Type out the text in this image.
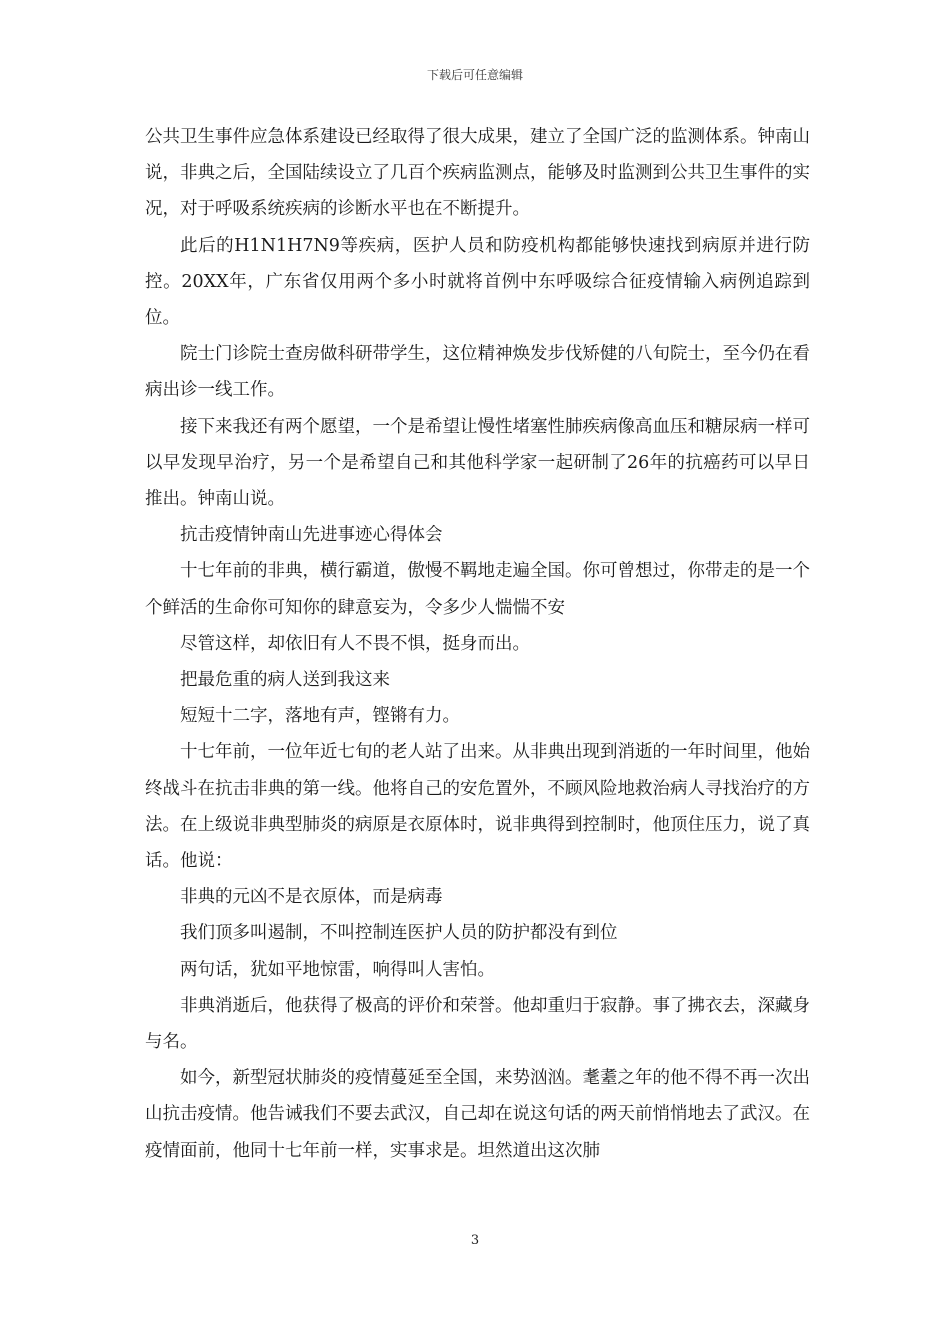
下载后可任意编辑

公共卫生事件应急体系建设已经取得了很大成果，建立了全国广泛的监测体系。钟南山说，非典之后，全国陆续设立了几百个疾病监测点，能够及时监测到公共卫生事件的实况，对于呼吸系统疾病的诊断水平也在不断提升。

此后的H1N1H7N9等疾病，医护人员和防疫机构都能够快速找到病原并进行防控。20XX年，广东省仅用两个多小时就将首例中东呼吸综合征疫情输入病例追踪到位。

院士门诊院士查房做科研带学生，这位精神焕发步伐矫健的八旬院士，至今仍在看病出诊一线工作。

接下来我还有两个愿望，一个是希望让慢性堵塞性肺疾病像高血压和糖尿病一样可以早发现早治疗，另一个是希望自己和其他科学家一起研制了26年的抗癌药可以早日推出。钟南山说。

抗击疫情钟南山先进事迹心得体会

十七年前的非典，横行霸道，傲慢不羁地走遍全国。你可曾想过，你带走的是一个个鲜活的生命你可知你的肆意妄为，令多少人惴惴不安

尽管这样，却依旧有人不畏不惧，挺身而出。

把最危重的病人送到我这来

短短十二字，落地有声，铿锵有力。

十七年前，一位年近七旬的老人站了出来。从非典出现到消逝的一年时间里，他始终战斗在抗击非典的第一线。他将自己的安危置外，不顾风险地救治病人寻找治疗的方法。在上级说非典型肺炎的病原是衣原体时，说非典得到控制时，他顶住压力，说了真话。他说：

非典的元凶不是衣原体，而是病毒

我们顶多叫遏制，不叫控制连医护人员的防护都没有到位

两句话，犹如平地惊雷，响得叫人害怕。

非典消逝后，他获得了极高的评价和荣誉。他却重归于寂静。事了拂衣去，深藏身与名。

如今，新型冠状肺炎的疫情蔓延至全国，来势汹汹。耄耋之年的他不得不再一次出山抗击疫情。他告诫我们不要去武汉，自己却在说这句话的两天前悄悄地去了武汉。在疫情面前，他同十七年前一样，实事求是。坦然道出这次肺

3
